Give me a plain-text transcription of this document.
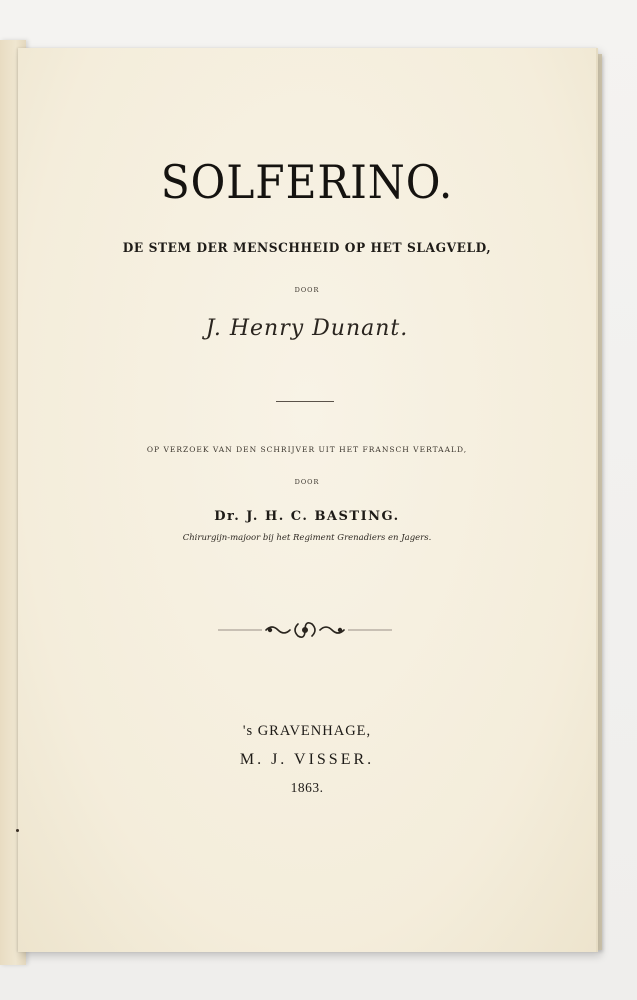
SOLFERINO.
DE STEM DER MENSCHHEID OP HET SLAGVELD,
DOOR
J. Henry Dunant.
OP VERZOEK VAN DEN SCHRIJVER UIT HET FRANSCH VERTAALD,
DOOR
Dr. J. H. C. BASTING.
Chirurgijn-majoor bij het Regiment Grenadiers en Jagers.
's GRAVENHAGE,
M. J. VISSER.
1863.
